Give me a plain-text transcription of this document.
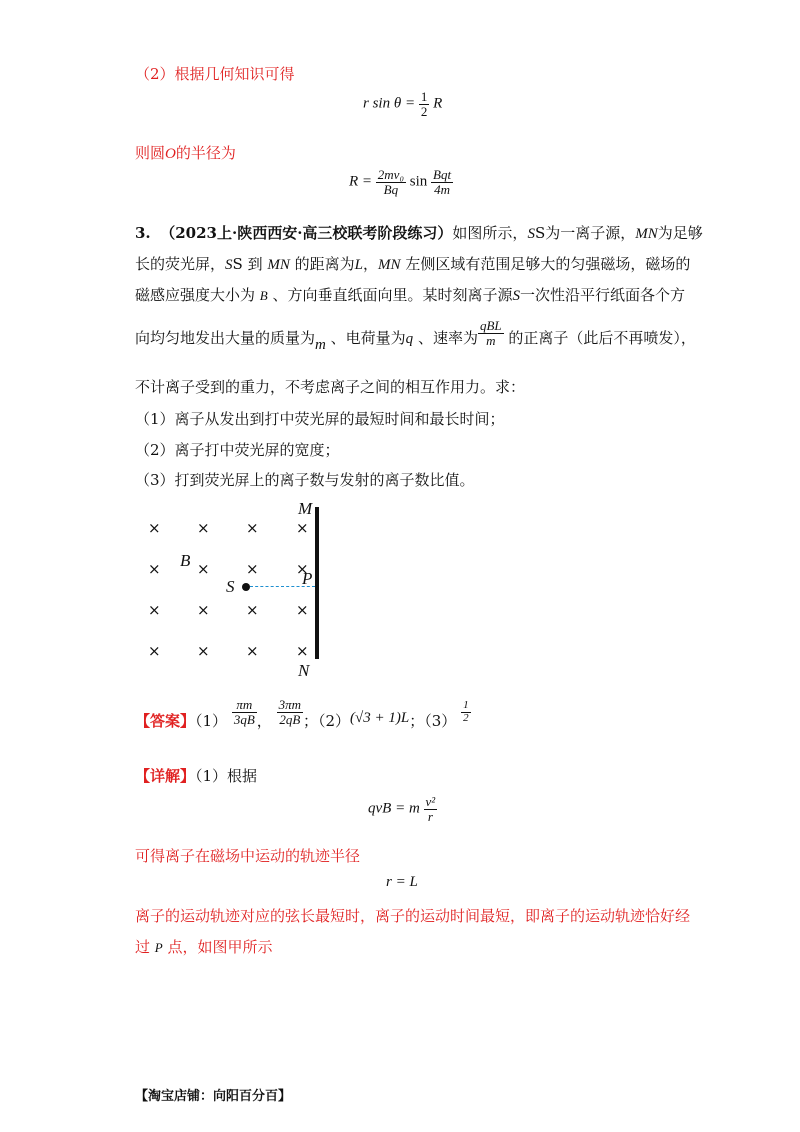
（2）根据几何知识可得
r $\sin \theta = \frac{1}{2}$ R
则圆O的半径为
$R = \frac{\text{2mv₀}}{Bq}$ $\sin \frac{\text{Bqt}}{4m}$
3. （2023上·陕西西安·高三校联考阶段练习）如图所示，SS为一离子源，MN为足够
长的荧光屏，SS 到 MN 的距离为L，MN 左侧区域有范围足够大的匀强磁场，磁场的
磁感应强度大小为 B 、方向垂直纸面向里。某时刻离子源S一次性沿平行纸面各个方
向均匀地发出大量的质量为m 、电荷量为q 、速率为 $\frac{\text{qBL}}{m}$ 的正离子（此后不再喷发），
不计离子受到的重力，不考虑离子之间的相互作用力。求：
（1）离子从发出到打中荧光屏的最短时间和最长时间；
（2）离子打中荧光屏的宽度；
（3）打到荧光屏上的离子数与发射的离子数比值。
× × × ×
× × × ×
× × × ×
× × × ×
M
N
P
S
B
【答案】$(1) \frac{\pi m}{3qB}$ ， $\frac{3\pi m}{2qB}$ ；（2）(√3 + 1)L；$(3) \frac{1}{2}$
【详解】（1）根据
qvB = m $\frac{\text{v²}}{r}$
可得离子在磁场中运动的轨迹半径
r = L
离子的运动轨迹对应的弦长最短时，离子的运动时间最短，即离子的运动轨迹恰好经
过 P 点，如图甲所示
【淘宝店铺：向阳百分百】
